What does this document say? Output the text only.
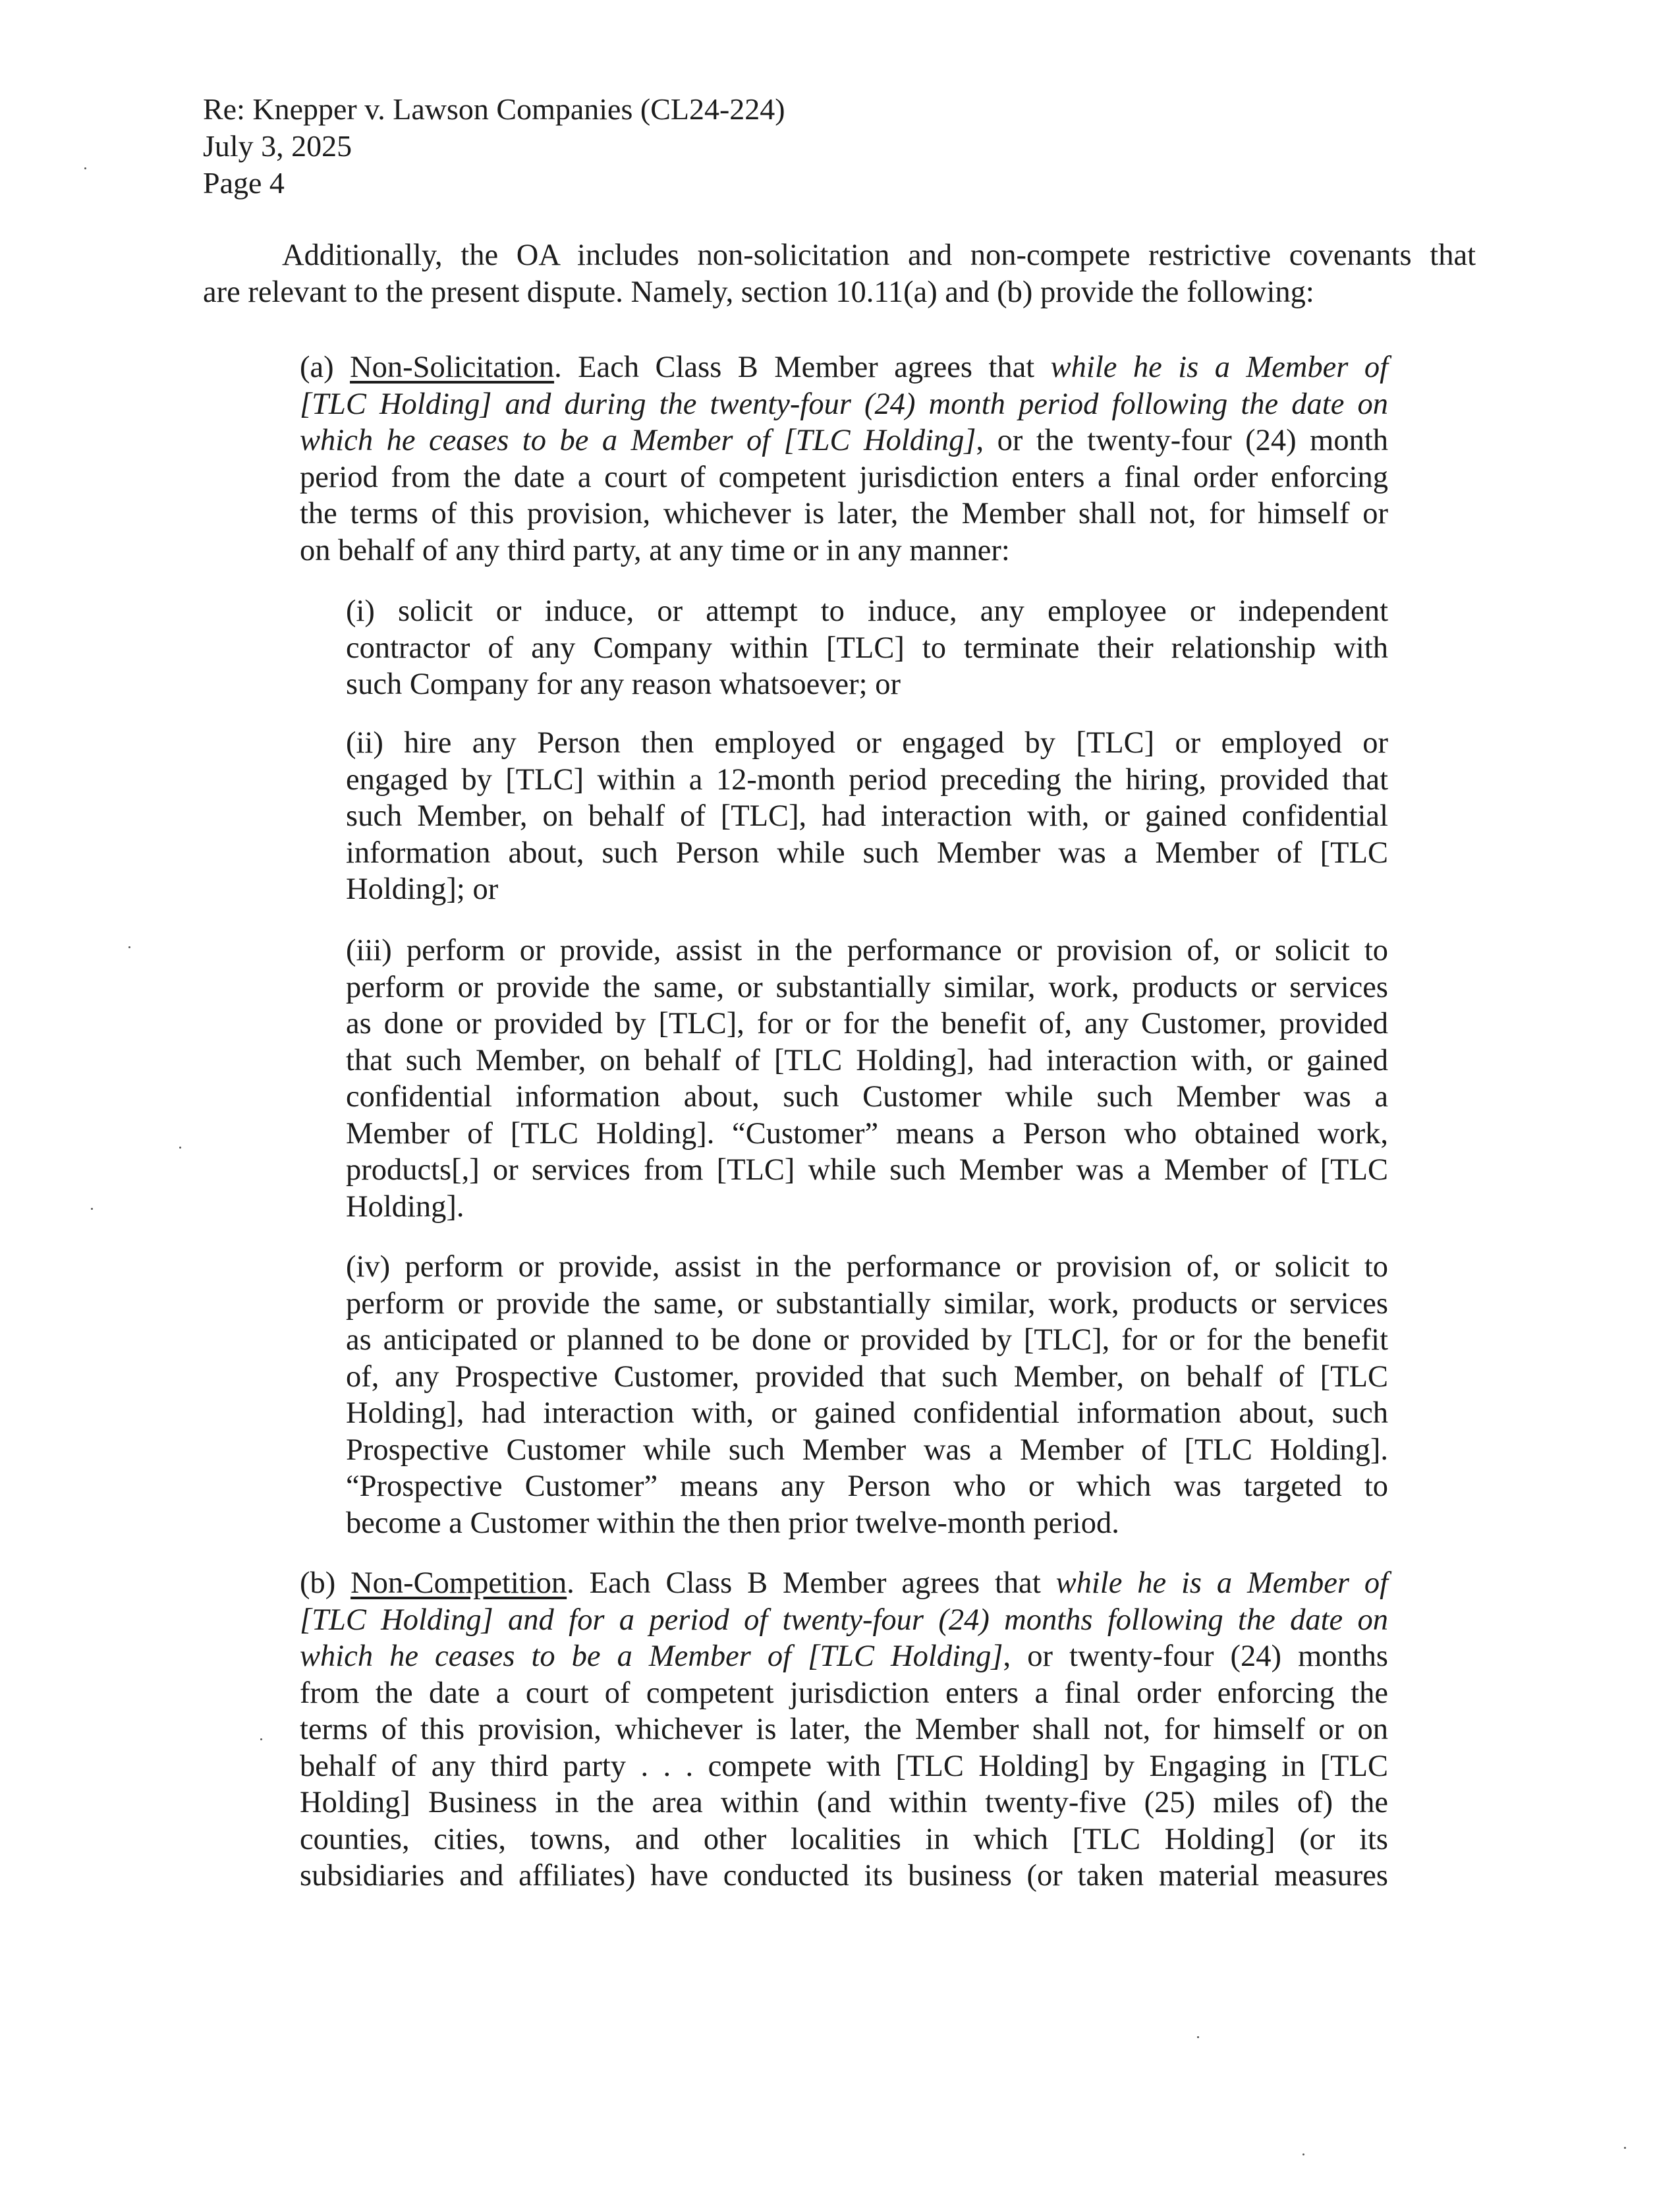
Re: Knepper v. Lawson Companies (CL24-224)
July 3, 2025
Page 4
Additionally, the OA includes non-solicitation and non-compete restrictive covenants that
are relevant to the present dispute. Namely, section 10.11(a) and (b) provide the following:
(a) Non-Solicitation. Each Class B Member agrees that while he is a Member of
[TLC Holding] and during the twenty-four (24) month period following the date on
which he ceases to be a Member of [TLC Holding], or the twenty-four (24) month
period from the date a court of competent jurisdiction enters a final order enforcing
the terms of this provision, whichever is later, the Member shall not, for himself or
on behalf of any third party, at any time or in any manner:
(i) solicit or induce, or attempt to induce, any employee or independent
contractor of any Company within [TLC] to terminate their relationship with
such Company for any reason whatsoever; or
(ii) hire any Person then employed or engaged by [TLC] or employed or
engaged by [TLC] within a 12-month period preceding the hiring, provided that
such Member, on behalf of [TLC], had interaction with, or gained confidential
information about, such Person while such Member was a Member of [TLC
Holding]; or
(iii) perform or provide, assist in the performance or provision of, or solicit to
perform or provide the same, or substantially similar, work, products or services
as done or provided by [TLC], for or for the benefit of, any Customer, provided
that such Member, on behalf of [TLC Holding], had interaction with, or gained
confidential information about, such Customer while such Member was a
Member of [TLC Holding]. “Customer” means a Person who obtained work,
products[,] or services from [TLC] while such Member was a Member of [TLC
Holding].
(iv) perform or provide, assist in the performance or provision of, or solicit to
perform or provide the same, or substantially similar, work, products or services
as anticipated or planned to be done or provided by [TLC], for or for the benefit
of, any Prospective Customer, provided that such Member, on behalf of [TLC
Holding], had interaction with, or gained confidential information about, such
Prospective Customer while such Member was a Member of [TLC Holding].
“Prospective Customer” means any Person who or which was targeted to
become a Customer within the then prior twelve-month period.
(b) Non-Competition. Each Class B Member agrees that while he is a Member of
[TLC Holding] and for a period of twenty-four (24) months following the date on
which he ceases to be a Member of [TLC Holding], or twenty-four (24) months
from the date a court of competent jurisdiction enters a final order enforcing the
terms of this provision, whichever is later, the Member shall not, for himself or on
behalf of any third party . . . compete with [TLC Holding] by Engaging in [TLC
Holding] Business in the area within (and within twenty-five (25) miles of) the
counties, cities, towns, and other localities in which [TLC Holding] (or its
subsidiaries and affiliates) have conducted its business (or taken material measures
